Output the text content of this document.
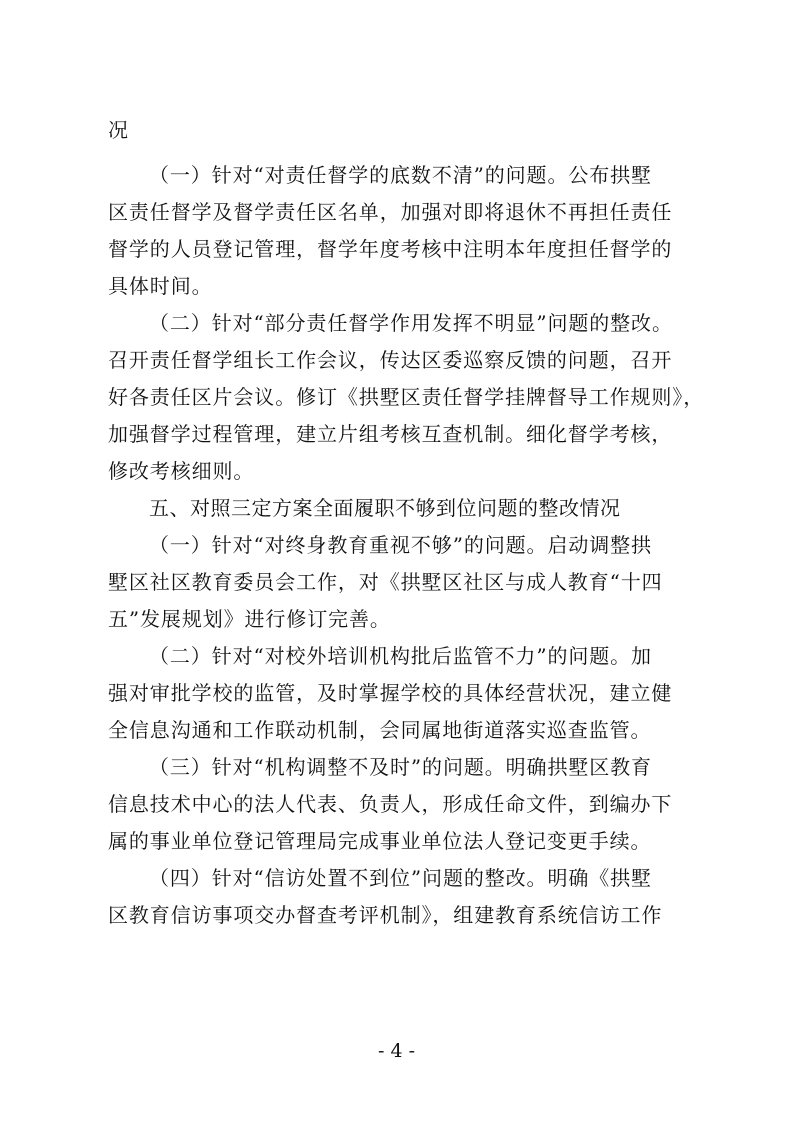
况
（一）针对“对责任督学的底数不清”的问题。公布拱墅
区责任督学及督学责任区名单，加强对即将退休不再担任责任
督学的人员登记管理，督学年度考核中注明本年度担任督学的
具体时间。
（二）针对“部分责任督学作用发挥不明显”问题的整改。
召开责任督学组长工作会议，传达区委巡察反馈的问题，召开
好各责任区片会议。修订《拱墅区责任督学挂牌督导工作规则》，
加强督学过程管理，建立片组考核互查机制。细化督学考核，
修改考核细则。
五、对照三定方案全面履职不够到位问题的整改情况
（一）针对“对终身教育重视不够”的问题。启动调整拱
墅区社区教育委员会工作，对《拱墅区社区与成人教育“十四
五”发展规划》进行修订完善。
（二）针对“对校外培训机构批后监管不力”的问题。加
强对审批学校的监管，及时掌握学校的具体经营状况，建立健
全信息沟通和工作联动机制，会同属地街道落实巡查监管。
（三）针对“机构调整不及时”的问题。明确拱墅区教育
信息技术中心的法人代表、负责人，形成任命文件，到编办下
属的事业单位登记管理局完成事业单位法人登记变更手续。
（四）针对“信访处置不到位”问题的整改。明确《拱墅
区教育信访事项交办督查考评机制》，组建教育系统信访工作
- 4 -
